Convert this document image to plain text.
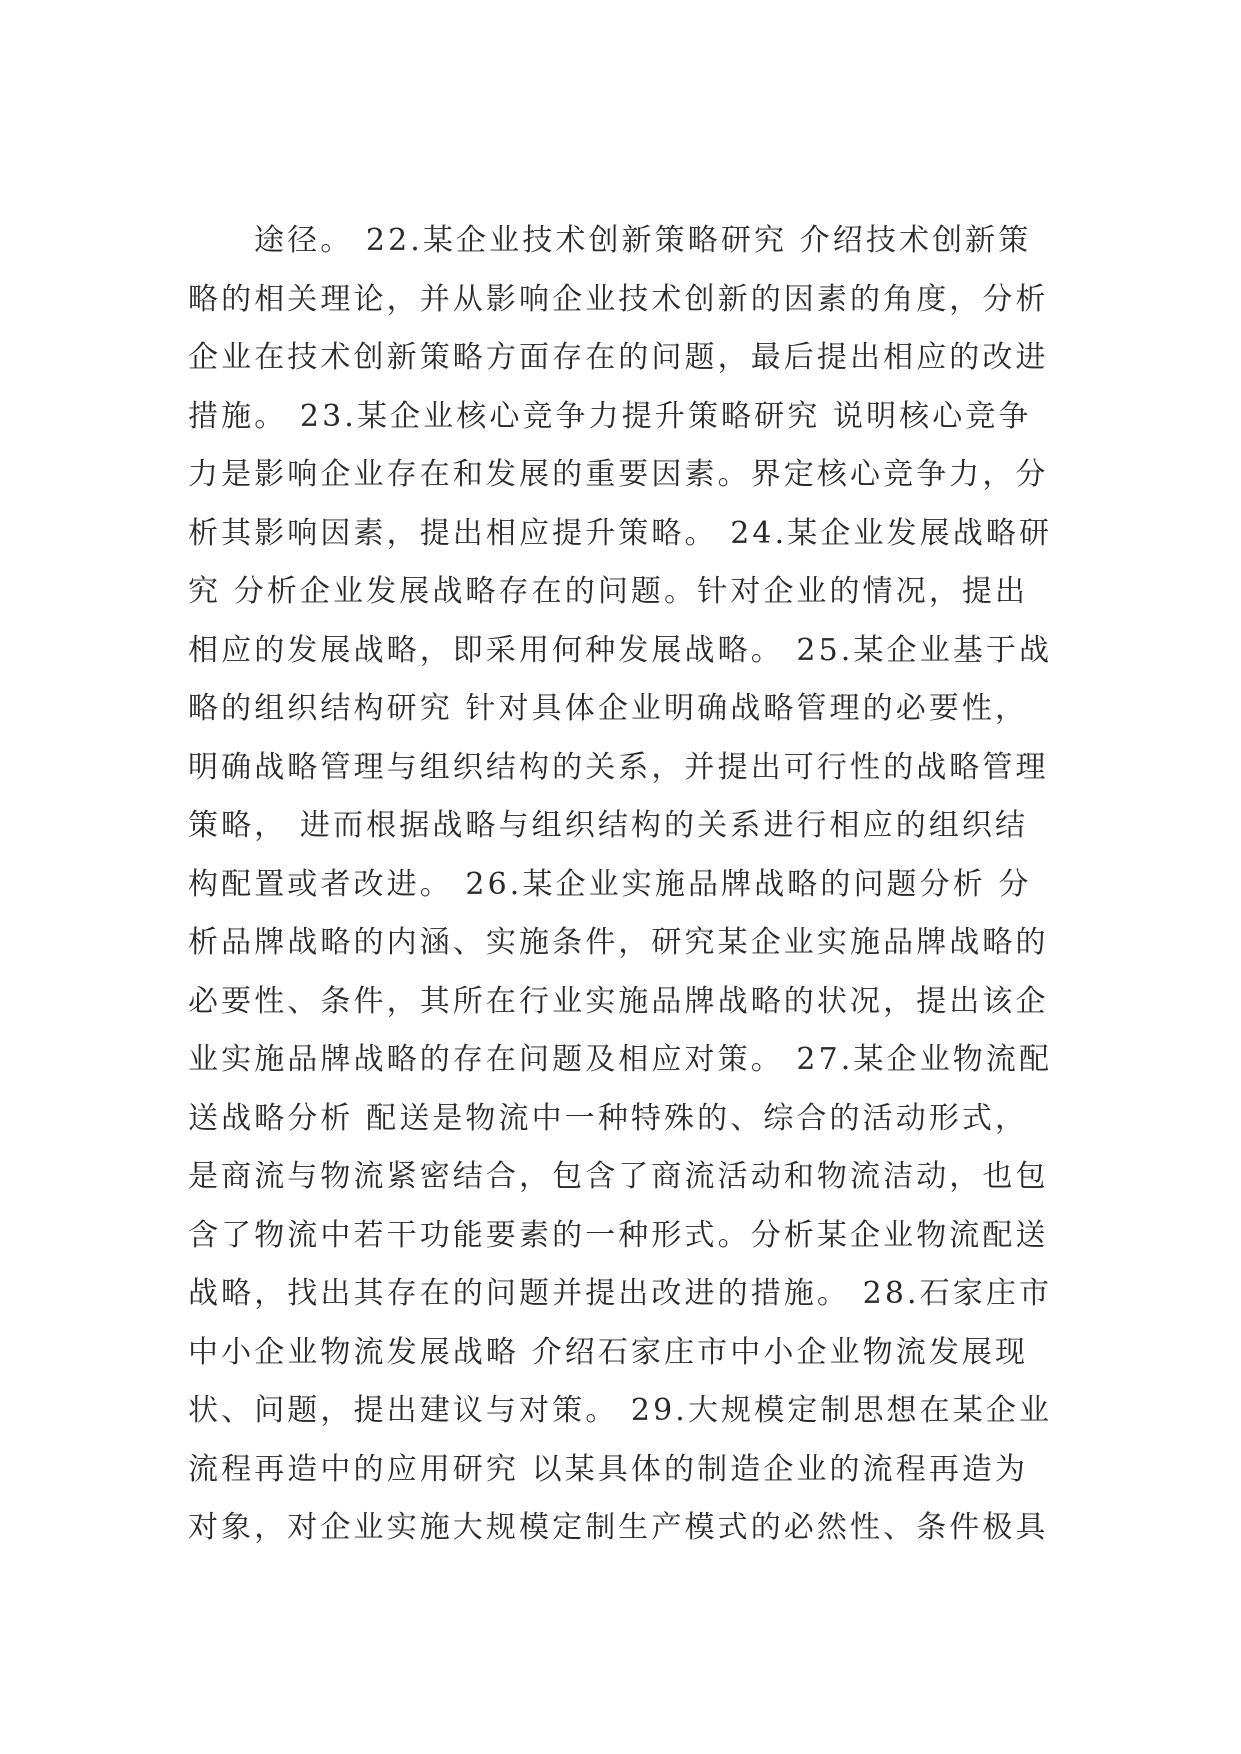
途径。 22.某企业技术创新策略研究 介绍技术创新策
略的相关理论，并从影响企业技术创新的因素的角度，分析
企业在技术创新策略方面存在的问题，最后提出相应的改进
措施。 23.某企业核心竞争力提升策略研究 说明核心竞争
力是影响企业存在和发展的重要因素。界定核心竞争力，分
析其影响因素，提出相应提升策略。 24.某企业发展战略研
究 分析企业发展战略存在的问题。针对企业的情况，提出
相应的发展战略，即采用何种发展战略。 25.某企业基于战
略的组织结构研究 针对具体企业明确战略管理的必要性，
明确战略管理与组织结构的关系，并提出可行性的战略管理
策略， 进而根据战略与组织结构的关系进行相应的组织结
构配置或者改进。 26.某企业实施品牌战略的问题分析 分
析品牌战略的内涵、实施条件，研究某企业实施品牌战略的
必要性、条件，其所在行业实施品牌战略的状况，提出该企
业实施品牌战略的存在问题及相应对策。 27.某企业物流配
送战略分析 配送是物流中一种特殊的、综合的活动形式，
是商流与物流紧密结合，包含了商流活动和物流洁动，也包
含了物流中若干功能要素的一种形式。分析某企业物流配送
战略，找出其存在的问题并提出改进的措施。 28.石家庄市
中小企业物流发展战略 介绍石家庄市中小企业物流发展现
状、问题，提出建议与对策。 29.大规模定制思想在某企业
流程再造中的应用研究 以某具体的制造企业的流程再造为
对象，对企业实施大规模定制生产模式的必然性、条件极具
